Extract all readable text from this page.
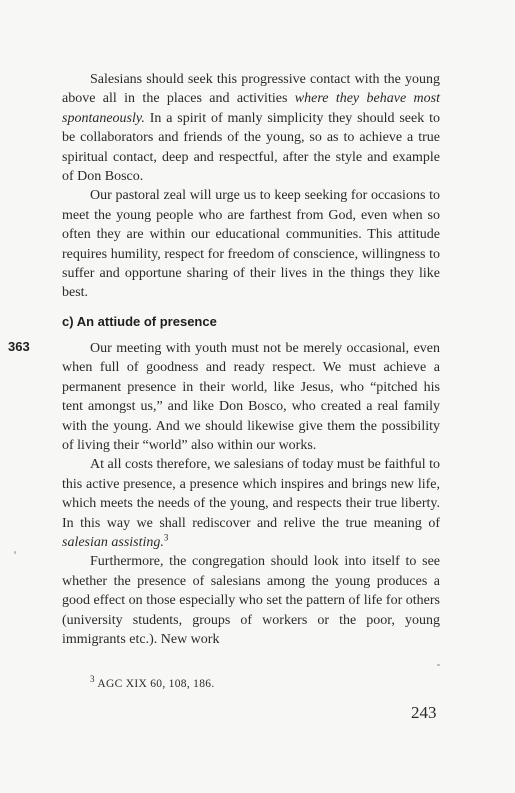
Salesians should seek this progressive contact with the young above all in the places and activities where they behave most spontaneously. In a spirit of manly simplicity they should seek to be collaborators and friends of the young, so as to achieve a true spiritual contact, deep and respectful, after the style and example of Don Bosco.

Our pastoral zeal will urge us to keep seeking for occasions to meet the young people who are farthest from God, even when so often they are within our educational communities. This attitude requires humility, respect for freedom of conscience, willingness to suffer and opportune sharing of their lives in the things they like best.

c) An attiude of presence
363	Our meeting with youth must not be merely occasional, even when full of goodness and ready respect. We must achieve a permanent presence in their world, like Jesus, who “pitched his tent amongst us,” and like Don Bosco, who created a real family with the young. And we should likewise give them the possibility of living their “world” also within our works.

At all costs therefore, we salesians of today must be faithful to this active presence, a presence which inspires and brings new life, which meets the needs of the young, and respects their true liberty. In this way we shall rediscover and relive the true meaning of salesian assisting.$^3$

Furthermore, the congregation should look into itself to see whether the presence of salesians among the young produces a good effect on those especially who set the pattern of life for others (university students, groups of workers or the poor, young immigrants etc.). New work

$^3$ AGC XIX 60, 108, 186.
243
